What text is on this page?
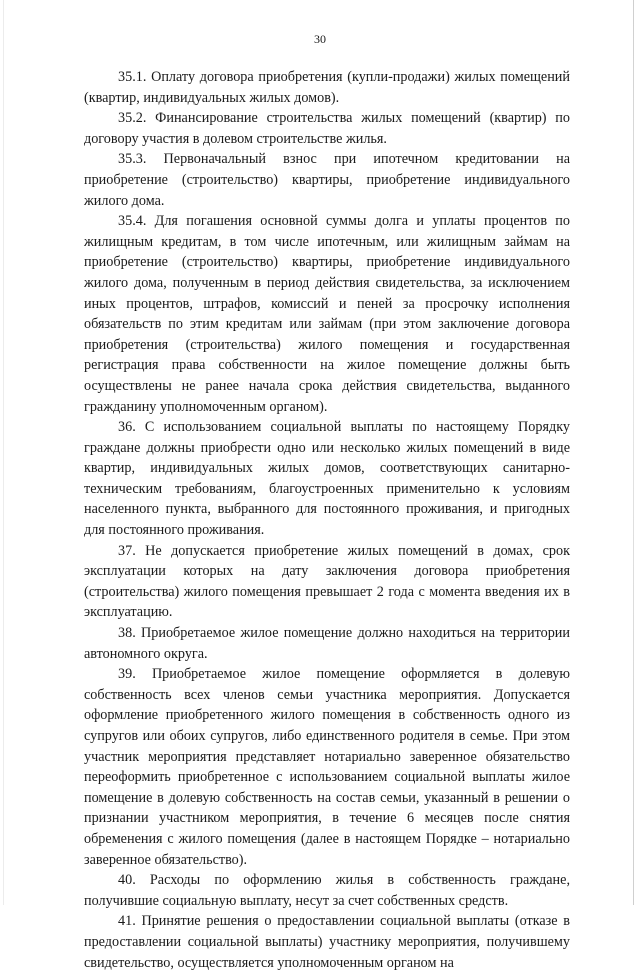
30

35.1. Оплату договора приобретения (купли-продажи) жилых помещений (квартир, индивидуальных жилых домов).

35.2. Финансирование строительства жилых помещений (квартир) по договору участия в долевом строительстве жилья.

35.3. Первоначальный взнос при ипотечном кредитовании на приобретение (строительство) квартиры, приобретение индивидуального жилого дома.

35.4. Для погашения основной суммы долга и уплаты процентов по жилищным кредитам, в том числе ипотечным, или жилищным займам на приобретение (строительство) квартиры, приобретение индивидуального жилого дома, полученным в период действия свидетельства, за исключением иных процентов, штрафов, комиссий и пеней за просрочку исполнения обязательств по этим кредитам или займам (при этом заключение договора приобретения (строительства) жилого помещения и государственная регистрация права собственности на жилое помещение должны быть осуществлены не ранее начала срока действия свидетельства, выданного гражданину уполномоченным органом).

36. С использованием социальной выплаты по настоящему Порядку граждане должны приобрести одно или несколько жилых помещений в виде квартир, индивидуальных жилых домов, соответствующих санитарно-техническим требованиям, благоустроенных применительно к условиям населенного пункта, выбранного для постоянного проживания, и пригодных для постоянного проживания.

37. Не допускается приобретение жилых помещений в домах, срок эксплуатации которых на дату заключения договора приобретения (строительства) жилого помещения превышает 2 года с момента введения их в эксплуатацию.

38. Приобретаемое жилое помещение должно находиться на территории автономного округа.

39. Приобретаемое жилое помещение оформляется в долевую собственность всех членов семьи участника мероприятия. Допускается оформление приобретенного жилого помещения в собственность одного из супругов или обоих супругов, либо единственного родителя в семье. При этом участник мероприятия представляет нотариально заверенное обязательство переоформить приобретенное с использованием социальной выплаты жилое помещение в долевую собственность на состав семьи, указанный в решении о признании участником мероприятия, в течение 6 месяцев после снятия обременения с жилого помещения (далее в настоящем Порядке – нотариально заверенное обязательство).

40. Расходы по оформлению жилья в собственность граждане, получившие социальную выплату, несут за счет собственных средств.

41. Принятие решения о предоставлении социальной выплаты (отказе в предоставлении социальной выплаты) участнику мероприятия, получившему свидетельство, осуществляется уполномоченным органом на
